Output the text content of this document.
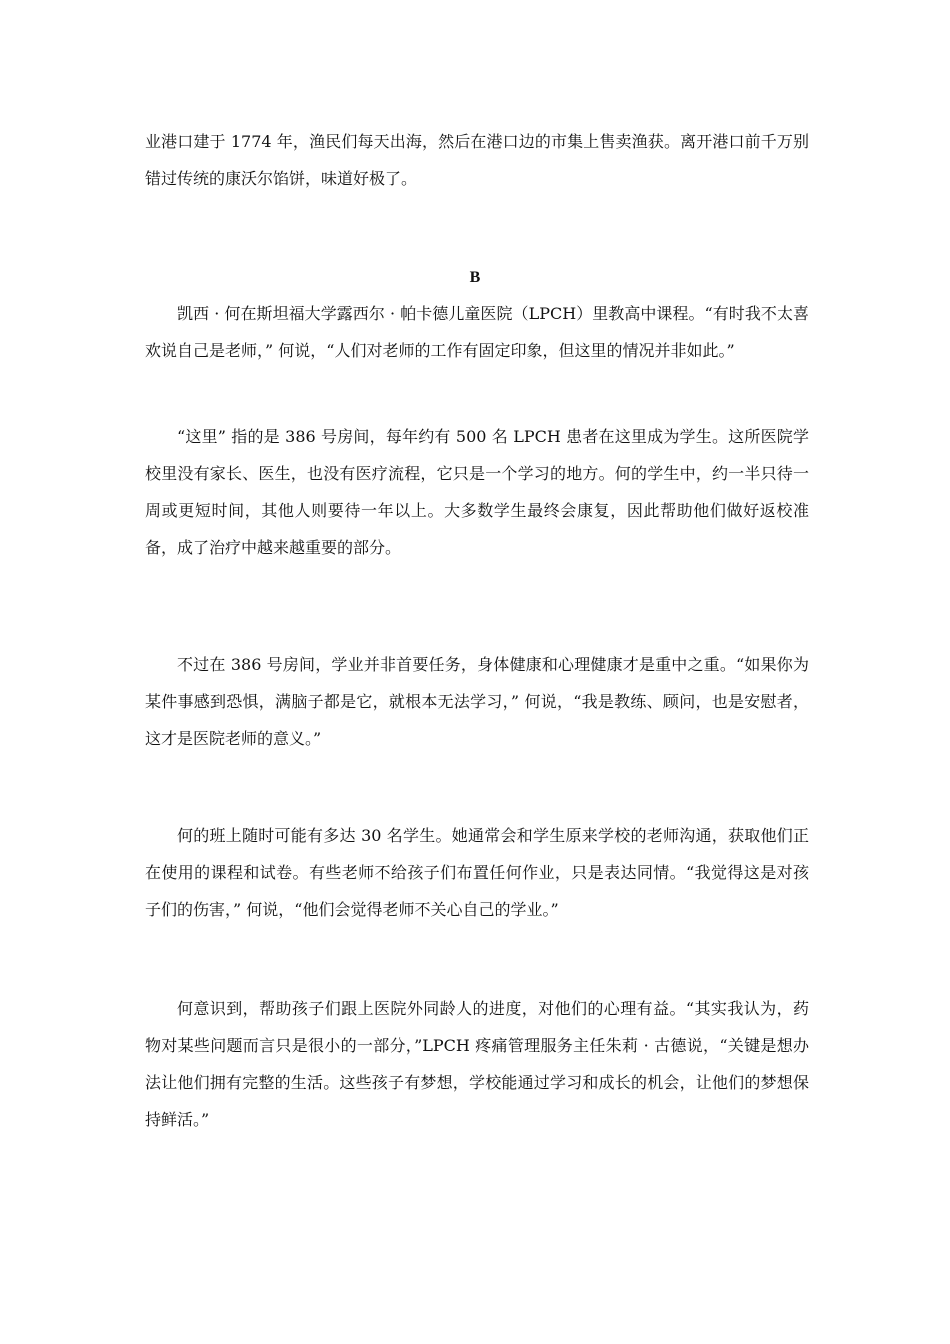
业港口建于 1774 年，渔民们每天出海，然后在港口边的市集上售卖渔获。离开港口前千万别错过传统的康沃尔馅饼，味道好极了。

B

凯西 · 何在斯坦福大学露西尔 · 帕卡德儿童医院（LPCH）里教高中课程。“有时我不太喜欢说自己是老师，” 何说，“人们对老师的工作有固定印象，但这里的情况并非如此。”

“这里” 指的是 386 号房间，每年约有 500 名 LPCH 患者在这里成为学生。这所医院学校里没有家长、医生，也没有医疗流程，它只是一个学习的地方。何的学生中，约一半只待一周或更短时间，其他人则要待一年以上。大多数学生最终会康复，因此帮助他们做好返校准备，成了治疗中越来越重要的部分。

不过在 386 号房间，学业并非首要任务，身体健康和心理健康才是重中之重。“如果你为某件事感到恐惧，满脑子都是它，就根本无法学习，” 何说，“我是教练、顾问，也是安慰者，这才是医院老师的意义。”

何的班上随时可能有多达 30 名学生。她通常会和学生原来学校的老师沟通，获取他们正在使用的课程和试卷。有些老师不给孩子们布置任何作业，只是表达同情。“我觉得这是对孩子们的伤害，” 何说，“他们会觉得老师不关心自己的学业。”

何意识到，帮助孩子们跟上医院外同龄人的进度，对他们的心理有益。“其实我认为，药物对某些问题而言只是很小的一部分，”LPCH 疼痛管理服务主任朱莉 · 古德说，“关键是想办法让他们拥有完整的生活。这些孩子有梦想，学校能通过学习和成长的机会，让他们的梦想保持鲜活。”
